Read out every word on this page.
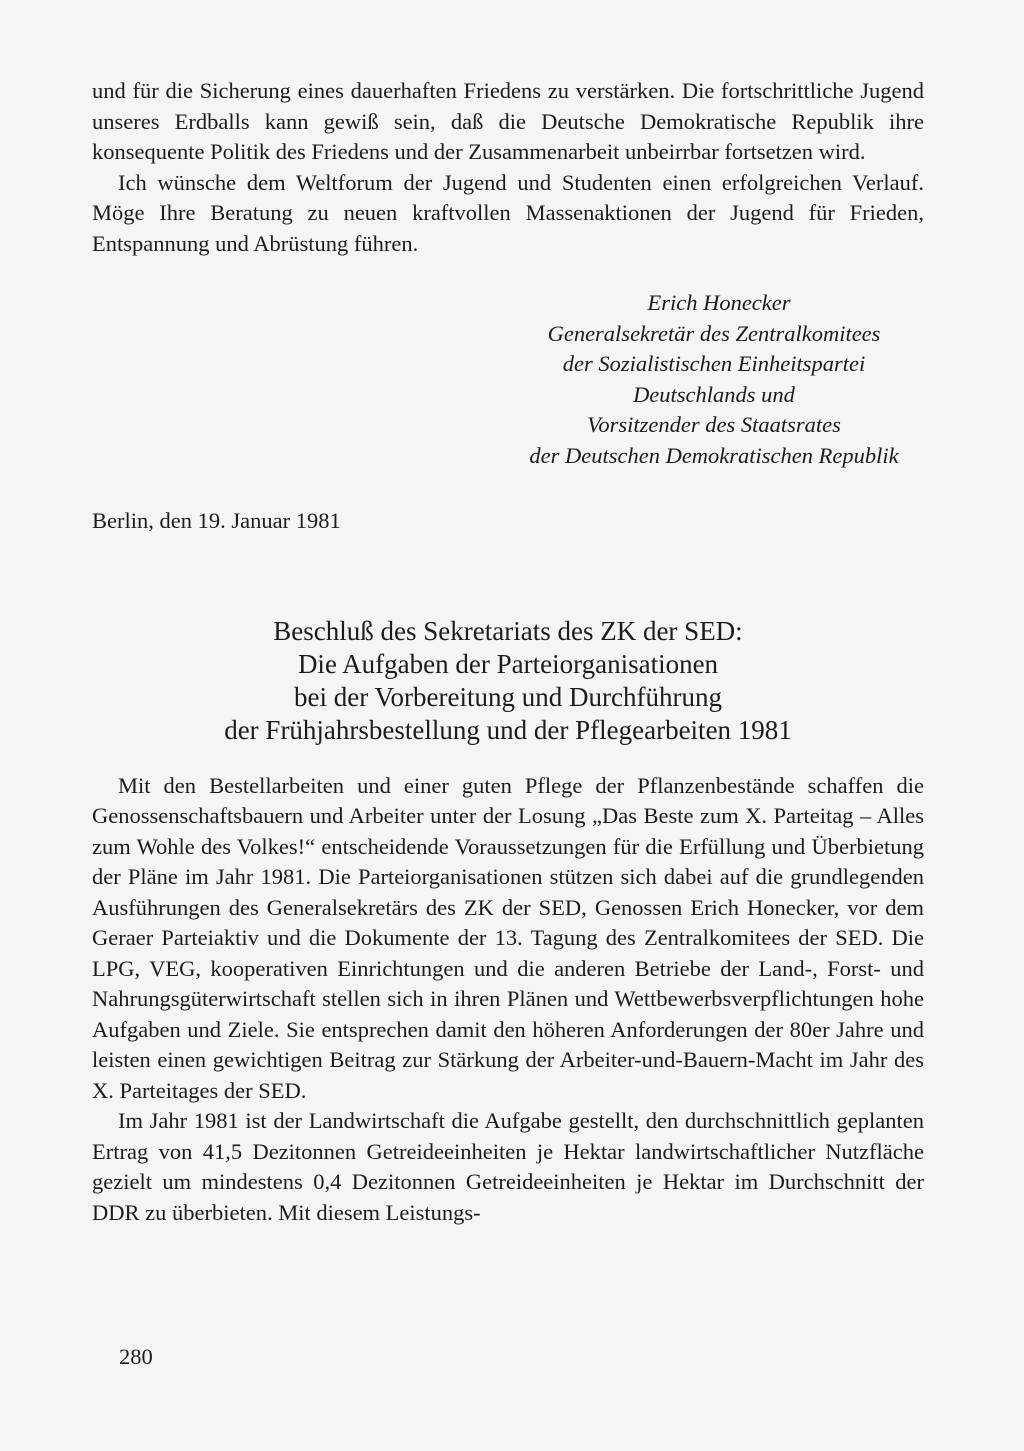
und für die Sicherung eines dauerhaften Friedens zu verstärken. Die fortschrittliche Jugend unseres Erdballs kann gewiß sein, daß die Deutsche Demokratische Republik ihre konsequente Politik des Friedens und der Zusammenarbeit unbeirrbar fortsetzen wird.

Ich wünsche dem Weltforum der Jugend und Studenten einen erfolgreichen Verlauf. Möge Ihre Beratung zu neuen kraftvollen Massenaktionen der Jugend für Frieden, Entspannung und Abrüstung führen.

Erich Honecker
Generalsekretär des Zentralkomitees
der Sozialistischen Einheitspartei
Deutschlands und
Vorsitzender des Staatsrates
der Deutschen Demokratischen Republik
Berlin, den 19. Januar 1981
Beschluß des Sekretariats des ZK der SED:
Die Aufgaben der Parteiorganisationen
bei der Vorbereitung und Durchführung
der Frühjahrsbestellung und der Pflegearbeiten 1981

Mit den Bestellarbeiten und einer guten Pflege der Pflanzenbestände schaffen die Genossenschaftsbauern und Arbeiter unter der Losung „Das Beste zum X. Parteitag – Alles zum Wohle des Volkes!“ entscheidende Voraussetzungen für die Erfüllung und Überbietung der Pläne im Jahr 1981. Die Parteiorganisationen stützen sich dabei auf die grundlegenden Ausführungen des Generalsekretärs des ZK der SED, Genossen Erich Honecker, vor dem Geraer Parteiaktiv und die Dokumente der 13. Tagung des Zentralkomitees der SED. Die LPG, VEG, kooperativen Einrichtungen und die anderen Betriebe der Land-, Forst- und Nahrungsgüterwirtschaft stellen sich in ihren Plänen und Wettbewerbsverpflichtungen hohe Aufgaben und Ziele. Sie entsprechen damit den höheren Anforderungen der 80er Jahre und leisten einen gewichtigen Beitrag zur Stärkung der Arbeiter-und-Bauern-Macht im Jahr des X. Parteitages der SED.

Im Jahr 1981 ist der Landwirtschaft die Aufgabe gestellt, den durchschnittlich geplanten Ertrag von 41,5 Dezitonnen Getreideeinheiten je Hektar landwirtschaftlicher Nutzfläche gezielt um mindestens 0,4 Dezitonnen Getreideeinheiten je Hektar im Durchschnitt der DDR zu überbieten. Mit diesem Leistungs-

280
